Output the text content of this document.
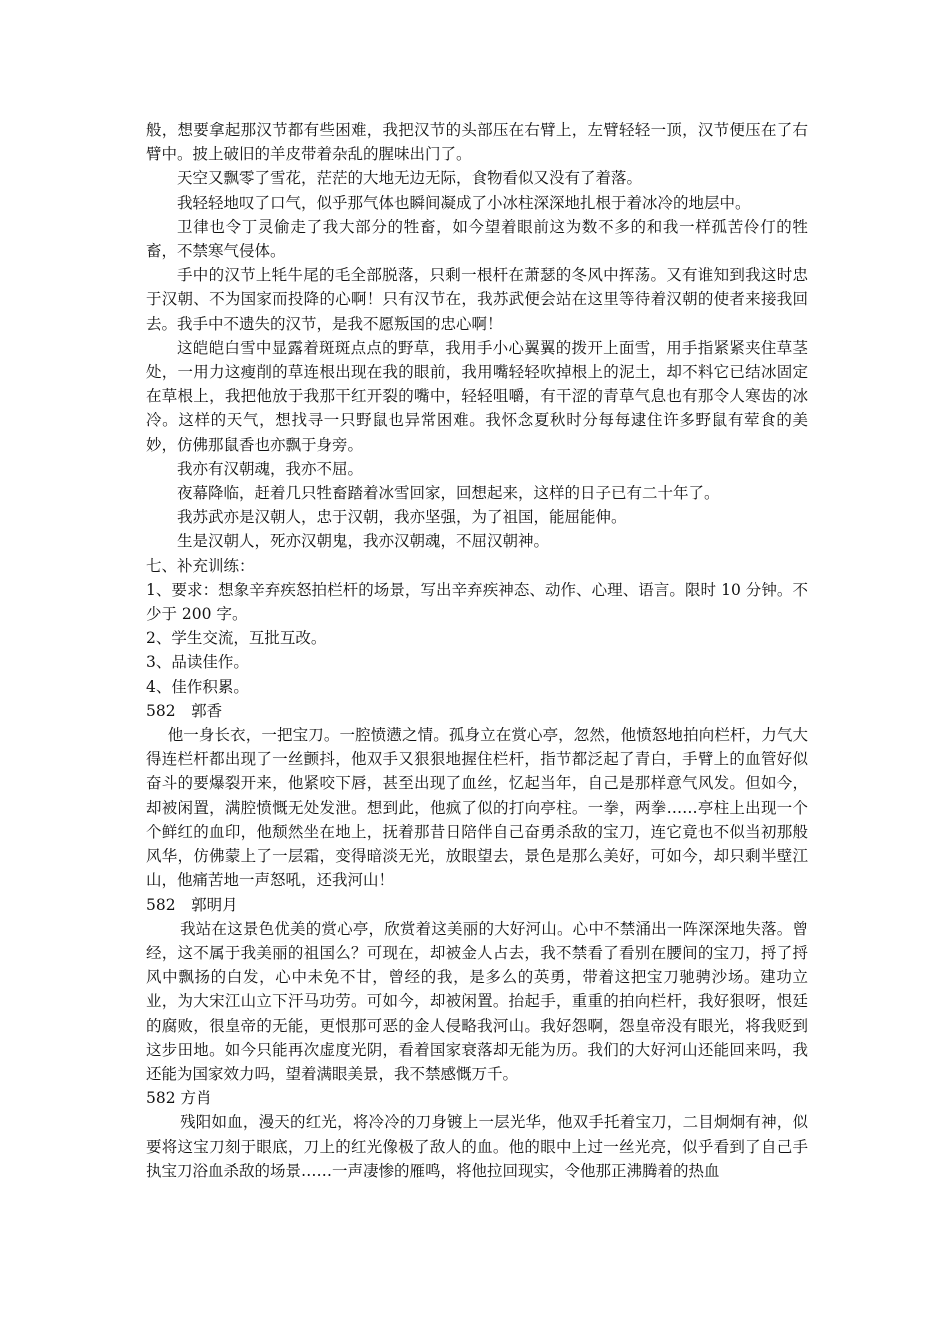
般，想要拿起那汉节都有些困难，我把汉节的头部压在右臂上，左臂轻轻一顶，汉节便压在了右臂中。披上破旧的羊皮带着杂乱的腥味出门了。

天空又飘零了雪花，茫茫的大地无边无际，食物看似又没有了着落。

我轻轻地叹了口气，似乎那气体也瞬间凝成了小冰柱深深地扎根于着冰冷的地层中。

卫律也令丁灵偷走了我大部分的牲畜，如今望着眼前这为数不多的和我一样孤苦伶仃的牲畜，不禁寒气侵体。

手中的汉节上牦牛尾的毛全部脱落，只剩一根杆在萧瑟的冬风中挥荡。又有谁知到我这时忠于汉朝、不为国家而投降的心啊！只有汉节在，我苏武便会站在这里等待着汉朝的使者来接我回去。我手中不遗失的汉节，是我不愿叛国的忠心啊！

这皑皑白雪中显露着斑斑点点的野草，我用手小心翼翼的拨开上面雪，用手指紧紧夹住草茎处，一用力这瘦削的草连根出现在我的眼前，我用嘴轻轻吹掉根上的泥土，却不料它已结冰固定在草根上，我把他放于我那干红开裂的嘴中，轻轻咀嚼，有干涩的青草气息也有那令人寒齿的冰冷。这样的天气，想找寻一只野鼠也异常困难。我怀念夏秋时分每每逮住许多野鼠有荤食的美妙，仿佛那鼠香也亦飘于身旁。

我亦有汉朝魂，我亦不屈。

夜幕降临，赶着几只牲畜踏着冰雪回家，回想起来，这样的日子已有二十年了。

我苏武亦是汉朝人，忠于汉朝，我亦坚强，为了祖国，能屈能伸。

生是汉朝人，死亦汉朝鬼，我亦汉朝魂，不屈汉朝神。

七、补充训练：

1、要求：想象辛弃疾怒拍栏杆的场景，写出辛弃疾神态、动作、心理、语言。限时 10 分钟。不少于 200 字。

2、学生交流，互批互改。

3、品读佳作。

4、佳作积累。

582　郭香

他一身长衣，一把宝刀。一腔愤懑之情。孤身立在赏心亭，忽然，他愤怒地拍向栏杆，力气大得连栏杆都出现了一丝颤抖，他双手又狠狠地握住栏杆，指节都泛起了青白，手臂上的血管好似奋斗的要爆裂开来，他紧咬下唇，甚至出现了血丝，忆起当年，自己是那样意气风发。但如今，却被闲置，满腔愤慨无处发泄。想到此，他疯了似的打向亭柱。一拳，两拳……亭柱上出现一个个鲜红的血印，他颓然坐在地上，抚着那昔日陪伴自己奋勇杀敌的宝刀，连它竟也不似当初那般风华，仿佛蒙上了一层霜，变得暗淡无光，放眼望去，景色是那么美好，可如今，却只剩半壁江山，他痛苦地一声怒吼，还我河山！

582　郭明月

我站在这景色优美的赏心亭，欣赏着这美丽的大好河山。心中不禁涌出一阵深深地失落。曾经，这不属于我美丽的祖国么？可现在，却被金人占去，我不禁看了看别在腰间的宝刀，捋了捋风中飘扬的白发，心中未免不甘，曾经的我，是多么的英勇，带着这把宝刀驰骋沙场。建功立业，为大宋江山立下汗马功劳。可如今，却被闲置。抬起手，重重的拍向栏杆，我好狠呀，恨廷的腐败，很皇帝的无能，更恨那可恶的金人侵略我河山。我好怨啊，怨皇帝没有眼光，将我贬到这步田地。如今只能再次虚度光阴，看着国家衰落却无能为历。我们的大好河山还能回来吗，我还能为国家效力吗，望着满眼美景，我不禁感慨万千。

582 方肖

残阳如血，漫天的红光，将冷冷的刀身镀上一层光华，他双手托着宝刀，二目炯炯有神，似要将这宝刀刻于眼底，刀上的红光像极了敌人的血。他的眼中上过一丝光亮，似乎看到了自己手执宝刀浴血杀敌的场景……一声凄惨的雁鸣，将他拉回现实，令他那正沸腾着的热血
